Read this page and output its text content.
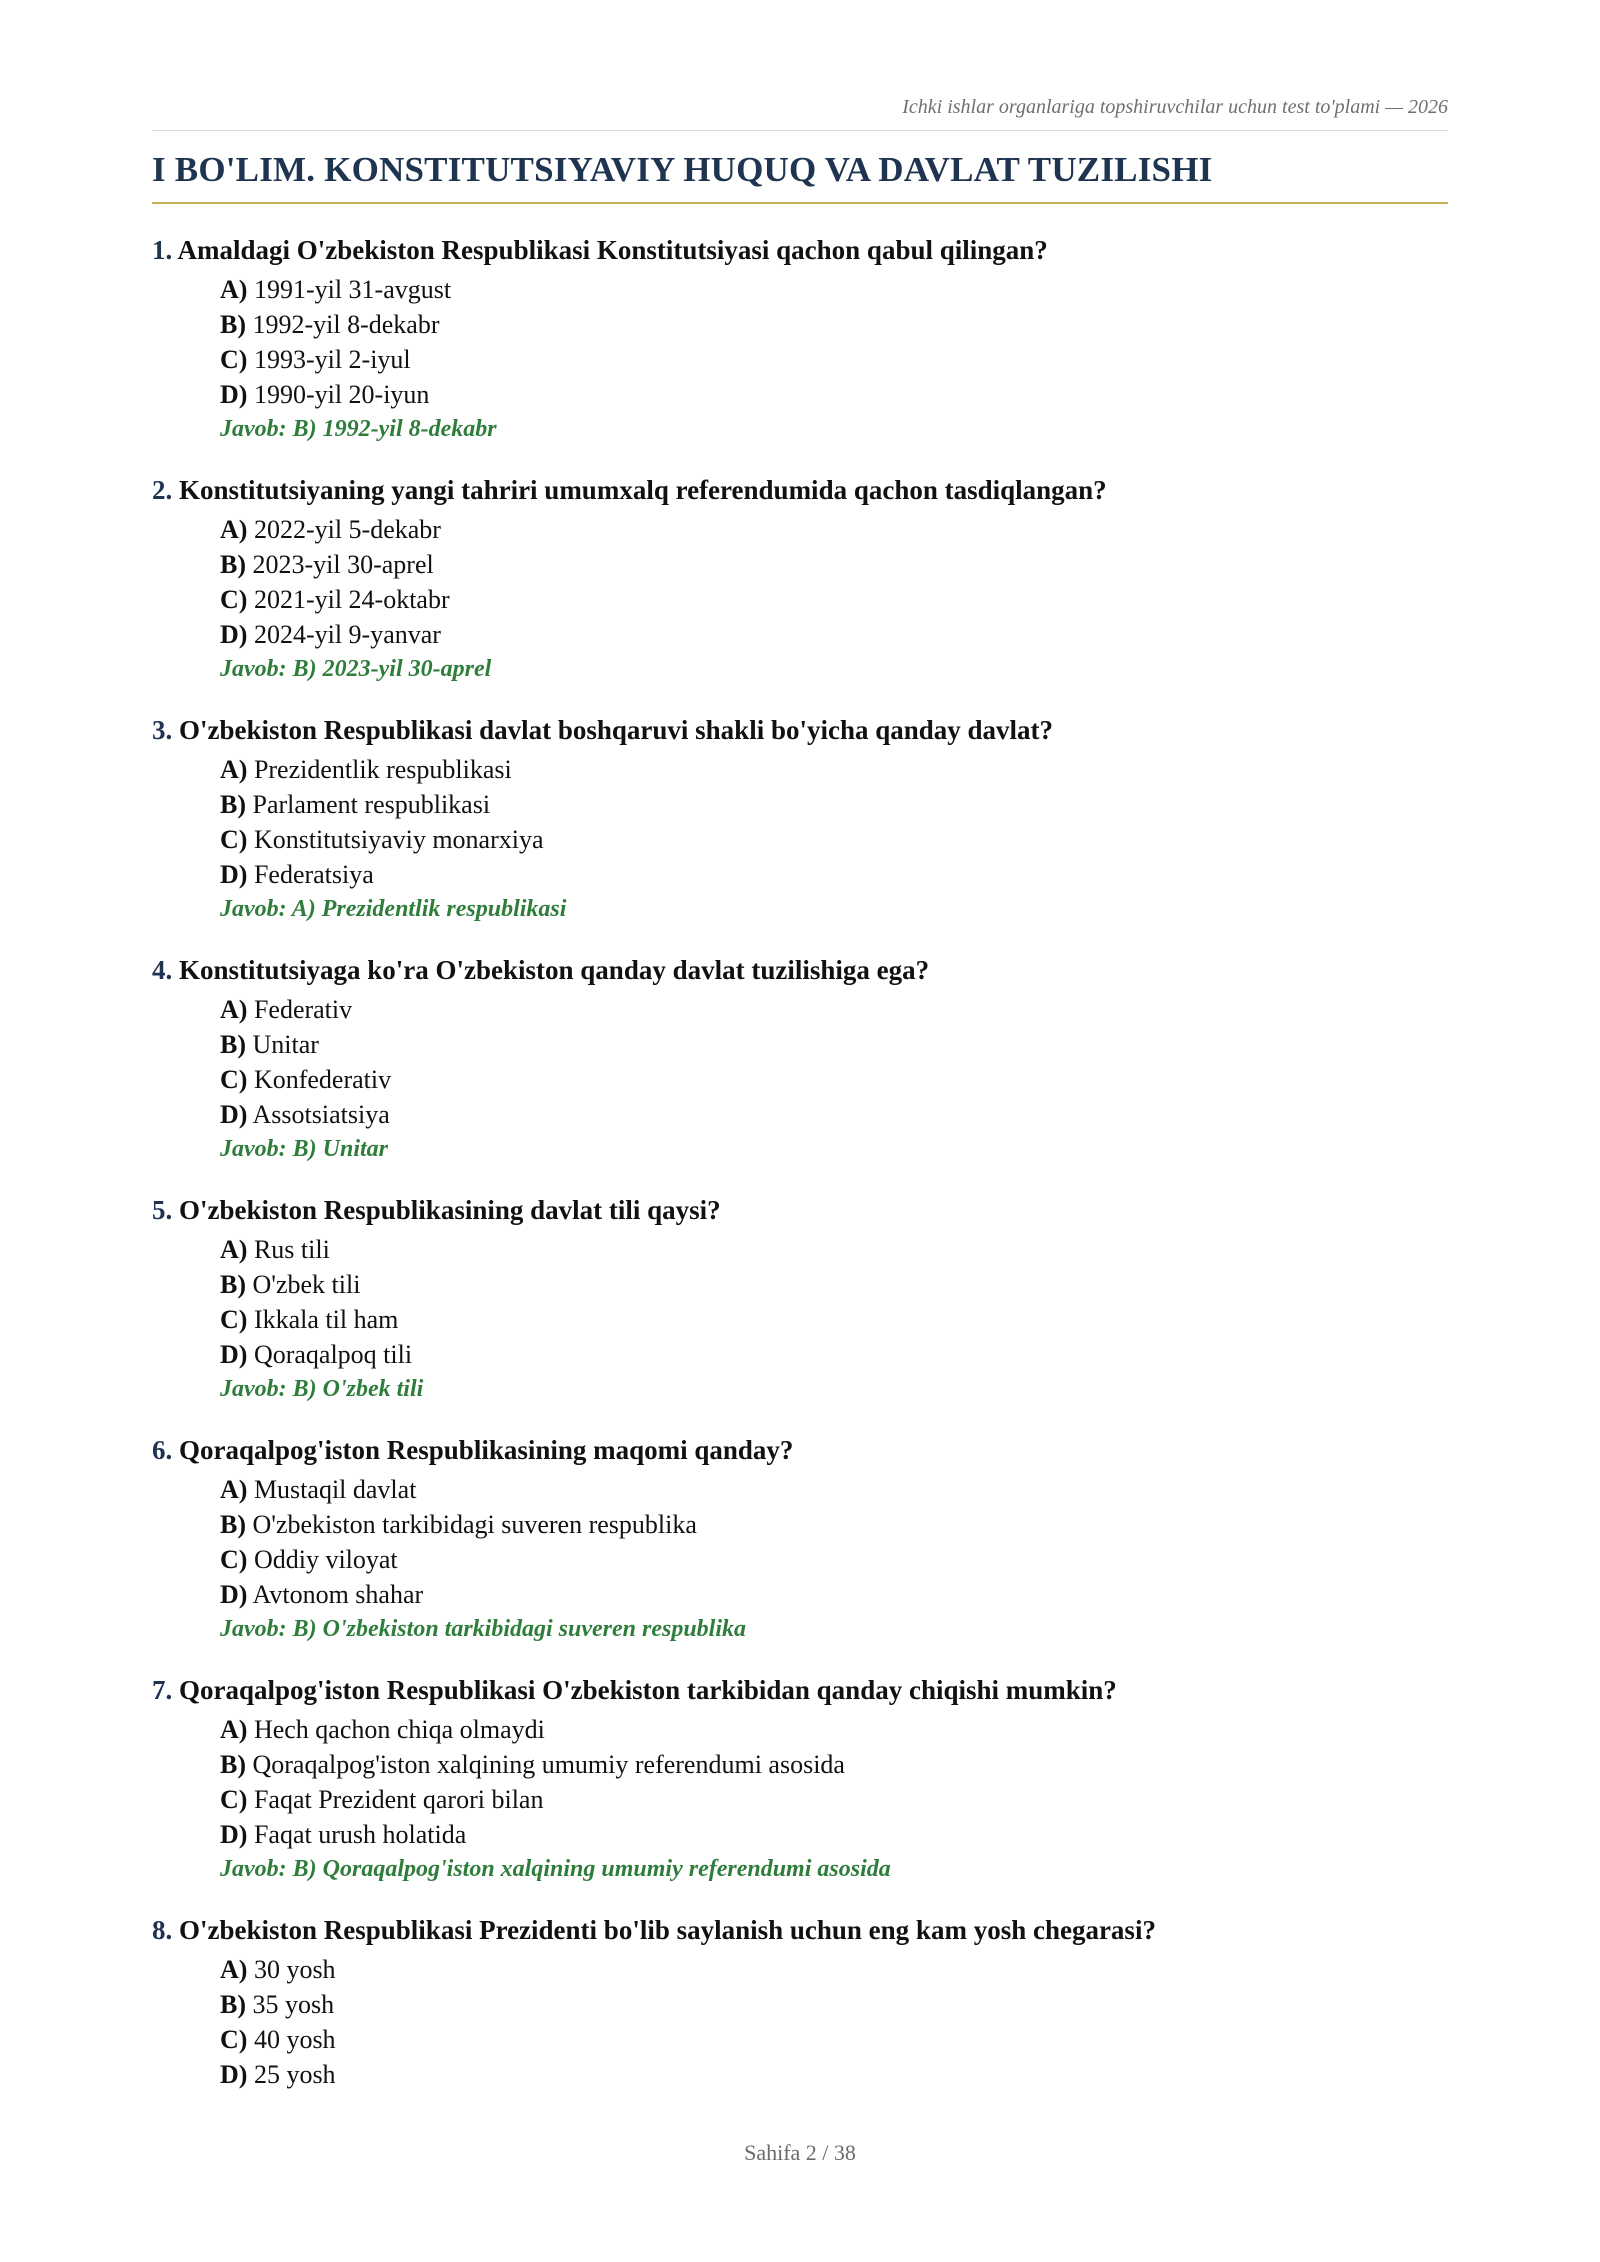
Ichki ishlar organlariga topshiruvchilar uchun test to'plami — 2026
I BO'LIM. KONSTITUTSIYAVIY HUQUQ VA DAVLAT TUZILISHI
1. Amaldagi O'zbekiston Respublikasi Konstitutsiyasi qachon qabul qilingan?
A) 1991-yil 31-avgust
B) 1992-yil 8-dekabr
C) 1993-yil 2-iyul
D) 1990-yil 20-iyun
Javob: B) 1992-yil 8-dekabr
2. Konstitutsiyaning yangi tahriri umumxalq referendumida qachon tasdiqlangan?
A) 2022-yil 5-dekabr
B) 2023-yil 30-aprel
C) 2021-yil 24-oktabr
D) 2024-yil 9-yanvar
Javob: B) 2023-yil 30-aprel
3. O'zbekiston Respublikasi davlat boshqaruvi shakli bo'yicha qanday davlat?
A) Prezidentlik respublikasi
B) Parlament respublikasi
C) Konstitutsiyaviy monarxiya
D) Federatsiya
Javob: A) Prezidentlik respublikasi
4. Konstitutsiyaga ko'ra O'zbekiston qanday davlat tuzilishiga ega?
A) Federativ
B) Unitar
C) Konfederativ
D) Assotsiatsiya
Javob: B) Unitar
5. O'zbekiston Respublikasining davlat tili qaysi?
A) Rus tili
B) O'zbek tili
C) Ikkala til ham
D) Qoraqalpoq tili
Javob: B) O'zbek tili
6. Qoraqalpog'iston Respublikasining maqomi qanday?
A) Mustaqil davlat
B) O'zbekiston tarkibidagi suveren respublika
C) Oddiy viloyat
D) Avtonom shahar
Javob: B) O'zbekiston tarkibidagi suveren respublika
7. Qoraqalpog'iston Respublikasi O'zbekiston tarkibidan qanday chiqishi mumkin?
A) Hech qachon chiqa olmaydi
B) Qoraqalpog'iston xalqining umumiy referendumi asosida
C) Faqat Prezident qarori bilan
D) Faqat urush holatida
Javob: B) Qoraqalpog'iston xalqining umumiy referendumi asosida
8. O'zbekiston Respublikasi Prezidenti bo'lib saylanish uchun eng kam yosh chegarasi?
A) 30 yosh
B) 35 yosh
C) 40 yosh
D) 25 yosh
Sahifa 2 / 38
